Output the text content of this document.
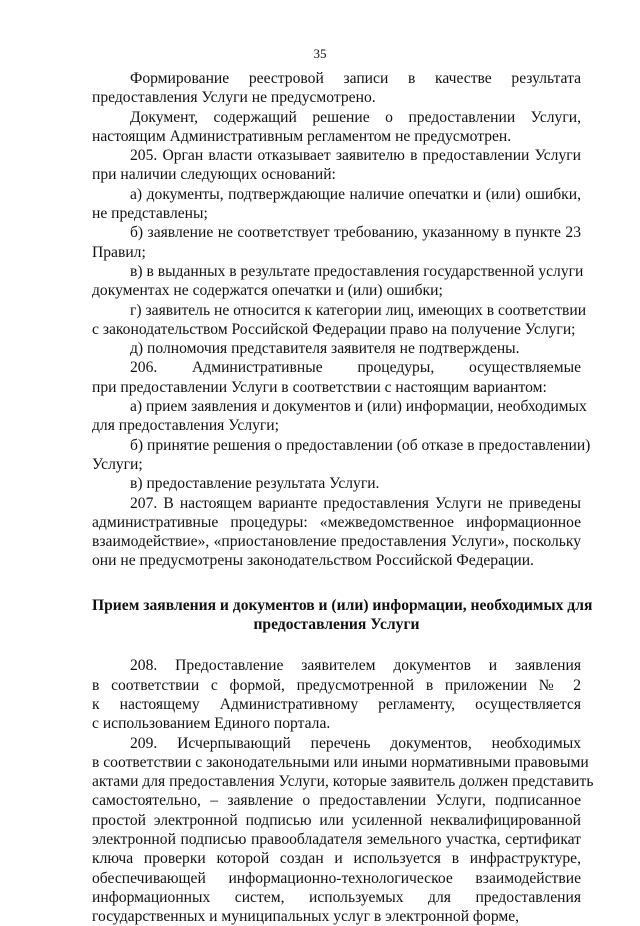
35
Формирование реестровой записи в качестве результата
предоставления Услуги не предусмотрено.
Документ, содержащий решение о предоставлении Услуги,
настоящим Административным регламентом не предусмотрен.
205. Орган власти отказывает заявителю в предоставлении Услуги
при наличии следующих оснований:
а) документы, подтверждающие наличие опечатки и (или) ошибки,
не представлены;
б) заявление не соответствует требованию, указанному в пункте 23
Правил;
в) в выданных в результате предоставления государственной услуги
документах не содержатся опечатки и (или) ошибки;
г) заявитель не относится к категории лиц, имеющих в соответствии
с законодательством Российской Федерации право на получение Услуги;
д) полномочия представителя заявителя не подтверждены.
206. Административные процедуры, осуществляемые
при предоставлении Услуги в соответствии с настоящим вариантом:
а) прием заявления и документов и (или) информации, необходимых
для предоставления Услуги;
б) принятие решения о предоставлении (об отказе в предоставлении)
Услуги;
в) предоставление результата Услуги.
207. В настоящем варианте предоставления Услуги не приведены
административные процедуры: «межведомственное информационное
взаимодействие», «приостановление предоставления Услуги», поскольку
они не предусмотрены законодательством Российской Федерации.
Прием заявления и документов и (или) информации, необходимых для
предоставления Услуги
208. Предоставление заявителем документов и заявления
в соответствии с формой, предусмотренной в приложении № 2
к настоящему Административному регламенту, осуществляется
с использованием Единого портала.
209. Исчерпывающий перечень документов, необходимых
в соответствии с законодательными или иными нормативными правовыми
актами для предоставления Услуги, которые заявитель должен представить
самостоятельно, – заявление о предоставлении Услуги, подписанное
простой электронной подписью или усиленной неквалифицированной
электронной подписью правообладателя земельного участка, сертификат
ключа проверки которой создан и используется в инфраструктуре,
обеспечивающей информационно-технологическое взаимодействие
информационных систем, используемых для предоставления
государственных и муниципальных услуг в электронной форме,
